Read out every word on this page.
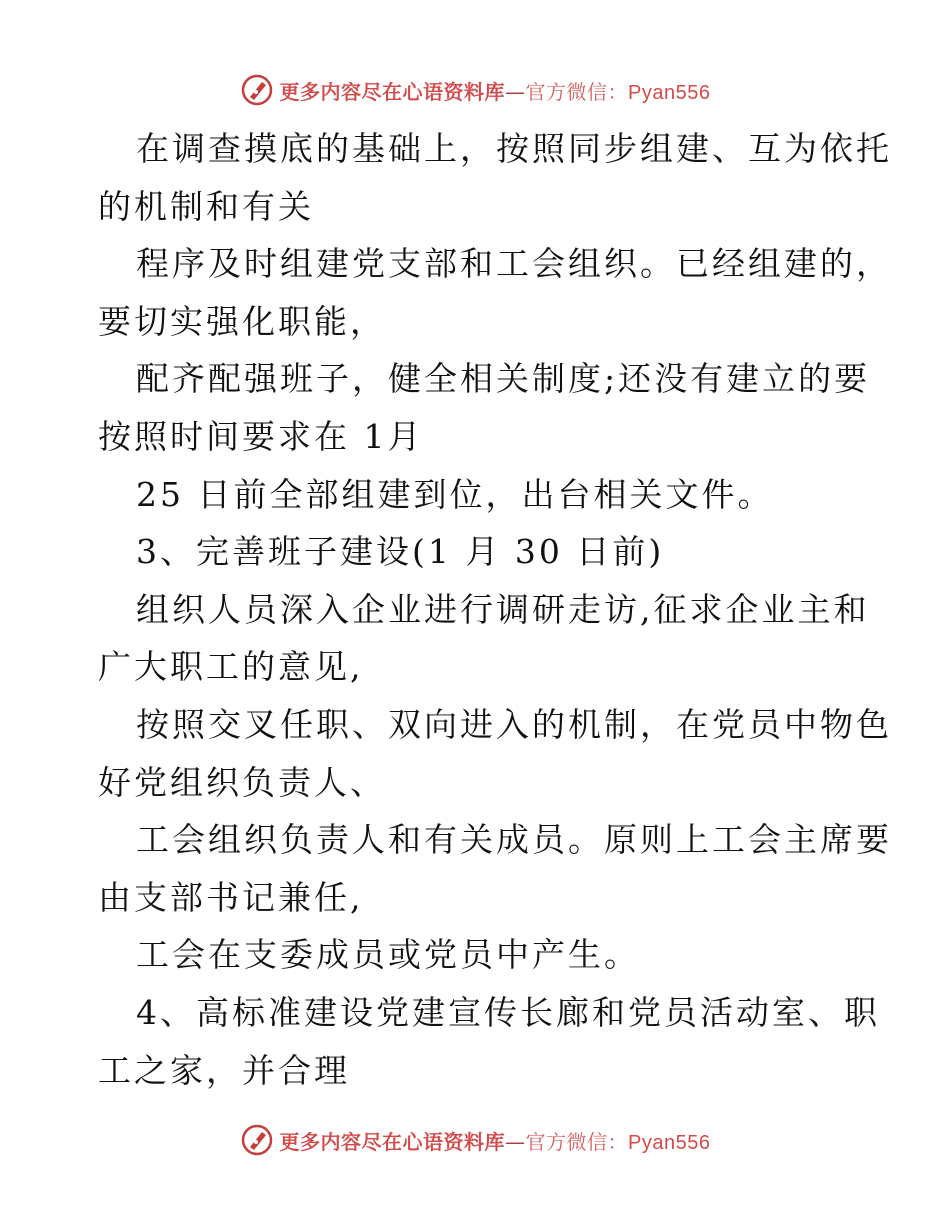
更多内容尽在心语资料库—官方微信：Pyan556
在调查摸底的基础上，按照同步组建、互为依托
的机制和有关
程序及时组建党支部和工会组织。已经组建的，
要切实强化职能，
配齐配强班子，健全相关制度;还没有建立的要
按照时间要求在 1月
25 日前全部组建到位，出台相关文件。
3、完善班子建设(1 月 30 日前)
组织人员深入企业进行调研走访,征求企业主和
广大职工的意见,
按照交叉任职、双向进入的机制，在党员中物色
好党组织负责人、
工会组织负责人和有关成员。原则上工会主席要
由支部书记兼任,
工会在支委成员或党员中产生。
4、高标准建设党建宣传长廊和党员活动室、职
工之家，并合理
更多内容尽在心语资料库—官方微信：Pyan556
